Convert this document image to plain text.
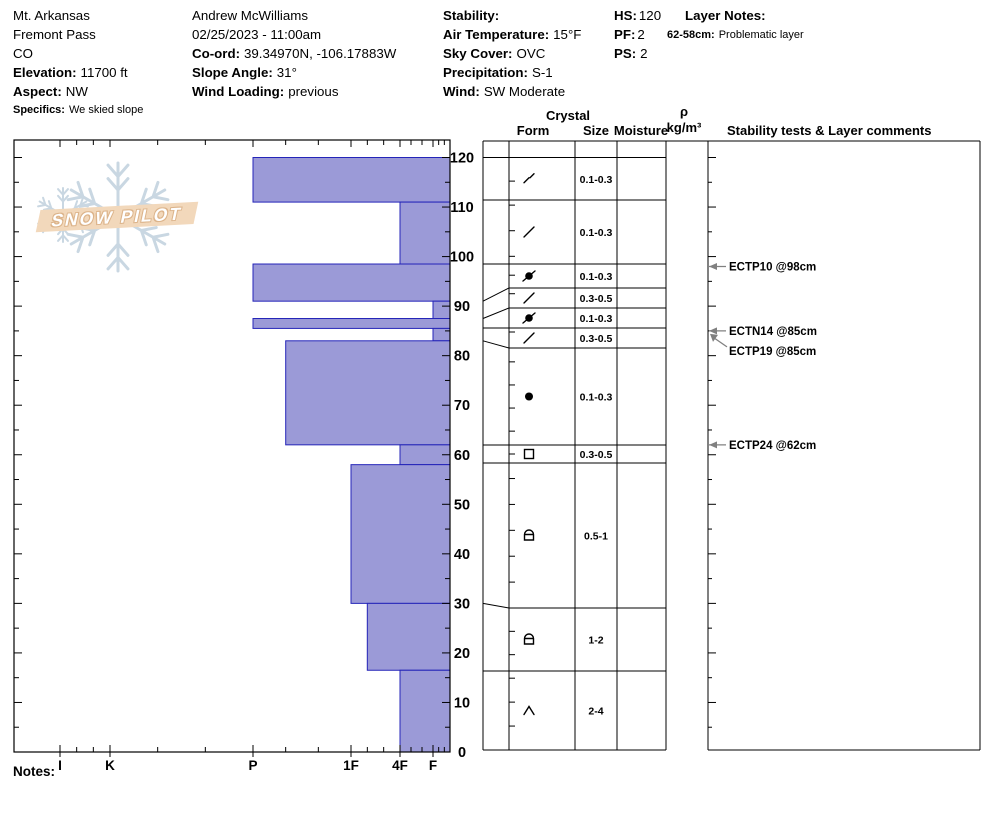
Mt. Arkansas
Fremont Pass
CO
Elevation: 11700 ft
Aspect: NW
Specifics: We skied slope
Andrew McWilliams
02/25/2023 - 11:00am
Co-ord: 39.34970N, -106.17883W
Slope Angle: 31°
Wind Loading: previous
Stability:
Air Temperature: 15°F
Sky Cover: OVC
Precipitation: S-1
Wind: SW Moderate
HS: 120
PF: 2
PS: 2
Layer Notes:
62-58cm: Problematic layer
Crystal
Form	Size Moisture
ρ
kg/m³	Stability tests & Layer comments
SNOW PILOT
120
110
100
90
80
70
60
50
40
30
20
10
0
I	K	P	1F 4F F
0.1-0.3
0.1-0.3
0.1-0.3
0.3-0.5
0.1-0.3
0.3-0.5
0.1-0.3
0.3-0.5
0.5-1
1-2
2-4
ECTP10 @98cm
ECTN14 @85cm
ECTP19 @85cm
ECTP24 @62cm
Notes:
